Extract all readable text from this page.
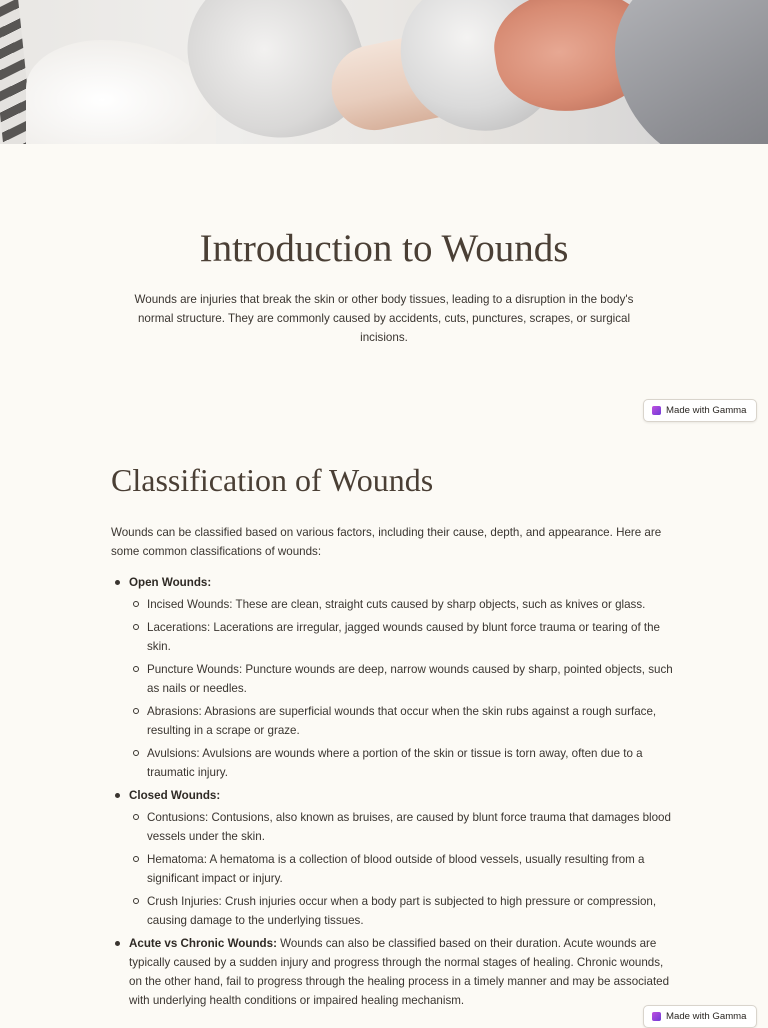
Introduction to Wounds

Wounds are injuries that break the skin or other body tissues, leading to a disruption in the body's normal structure. They are commonly caused by accidents, cuts, punctures, scrapes, or surgical incisions.

Made with Gamma
Classification of Wounds

Wounds can be classified based on various factors, including their cause, depth, and appearance. Here are some common classifications of wounds:

Open Wounds:
Incised Wounds: These are clean, straight cuts caused by sharp objects, such as knives or glass.
Lacerations: Lacerations are irregular, jagged wounds caused by blunt force trauma or tearing of the skin.
Puncture Wounds: Puncture wounds are deep, narrow wounds caused by sharp, pointed objects, such as nails or needles.
Abrasions: Abrasions are superficial wounds that occur when the skin rubs against a rough surface, resulting in a scrape or graze.
Avulsions: Avulsions are wounds where a portion of the skin or tissue is torn away, often due to a traumatic injury.
Closed Wounds:
Contusions: Contusions, also known as bruises, are caused by blunt force trauma that damages blood vessels under the skin.
Hematoma: A hematoma is a collection of blood outside of blood vessels, usually resulting from a significant impact or injury.
Crush Injuries: Crush injuries occur when a body part is subjected to high pressure or compression, causing damage to the underlying tissues.
Acute vs Chronic Wounds: Wounds can also be classified based on their duration. Acute wounds are typically caused by a sudden injury and progress through the normal stages of healing. Chronic wounds, on the other hand, fail to progress through the healing process in a timely manner and may be associated with underlying health conditions or impaired healing mechanism.
Made with Gamma
